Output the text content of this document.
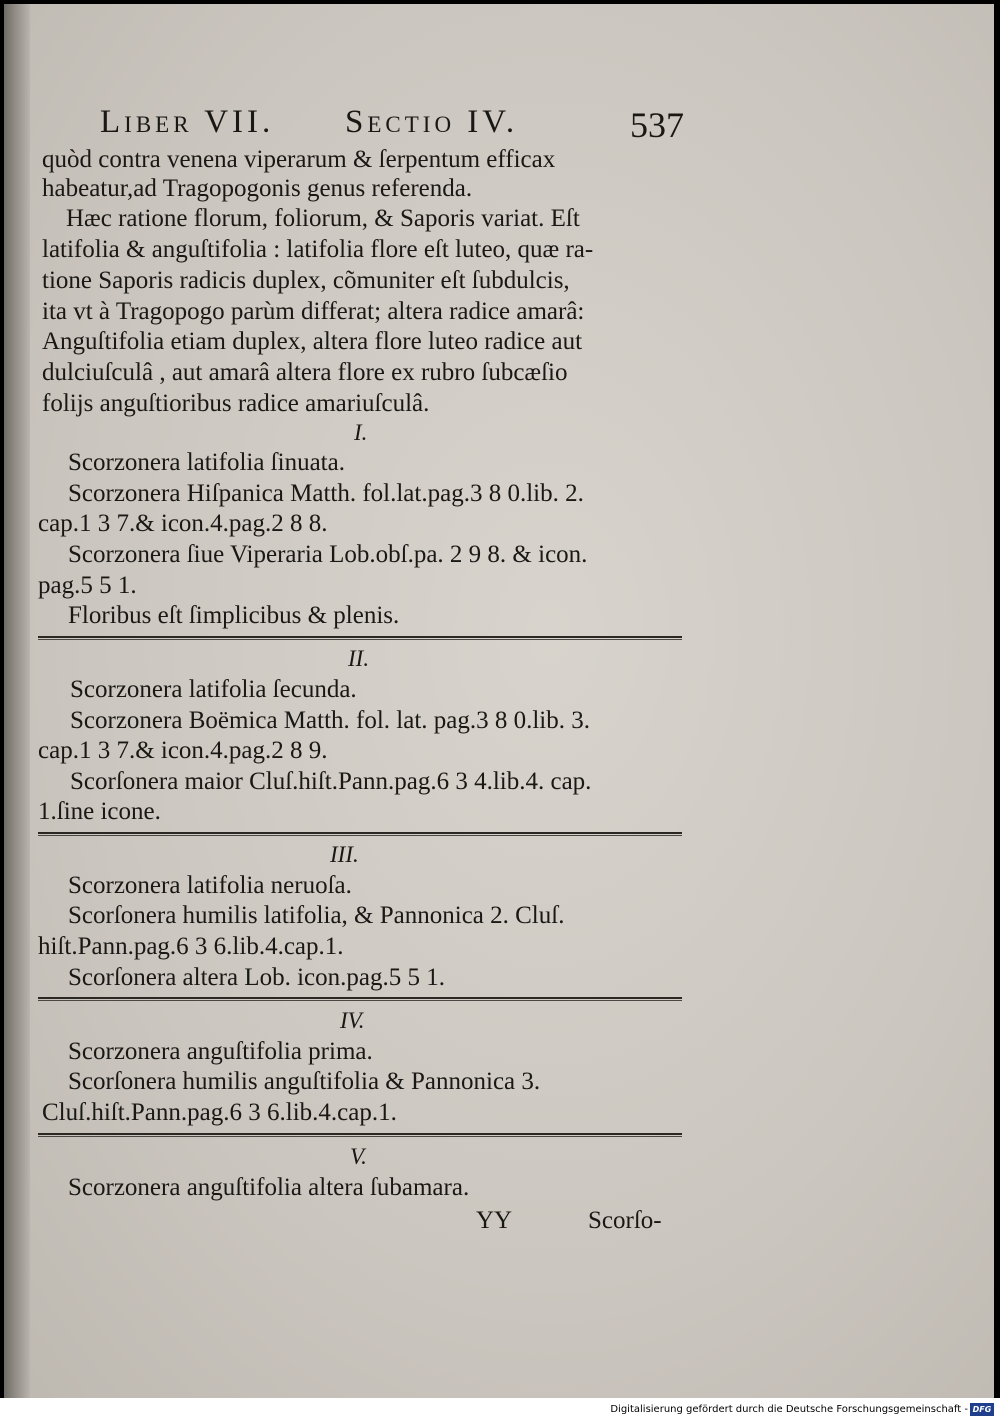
Liber VII. Sectio IV.	537
quòd contra venena viperarum & ſerpentum efficax
habeatur,ad Tragopogonis genus referenda.
Hæc ratione florum, foliorum, & Saporis variat. Eſt
latifolia & anguſtifolia : latifolia flore eſt luteo, quæ ra-
tione Saporis radicis duplex, cõmuniter eſt ſubdulcis,
ita vt à Tragopogo parùm differat; altera radice amarâ:
Anguſtifolia etiam duplex, altera flore luteo radice aut
dulciuſculâ , aut amarâ altera flore ex rubro ſubcæſio
folijs anguſtioribus radice amariuſculâ.
I.
Scorzonera latifolia ſinuata.
Scorzonera Hiſpanica Matth. fol.lat.pag.3 8 0.lib. 2.
cap.1 3 7.& icon.4.pag.2 8 8.
Scorzonera ſiue Viperaria Lob.obſ.pa. 2 9 8. & icon.
pag.5 5 1.
Floribus eſt ſimplicibus & plenis.
II.
Scorzonera latifolia ſecunda.
Scorzonera Boëmica Matth. fol. lat. pag.3 8 0.lib. 3.
cap.1 3 7.& icon.4.pag.2 8 9.
Scorſonera maior Cluſ.hiſt.Pann.pag.6 3 4.lib.4. cap.
1.ſine icone.
III.
Scorzonera latifolia neruoſa.
Scorſonera humilis latifolia, & Pannonica 2. Cluſ.
hiſt.Pann.pag.6 3 6.lib.4.cap.1.
Scorſonera altera Lob. icon.pag.5 5 1.
IV.
Scorzonera anguſtifolia prima.
Scorſonera humilis anguſtifolia & Pannonica 3.
Cluſ.hiſt.Pann.pag.6 3 6.lib.4.cap.1.
V.
Scorzonera anguſtifolia altera ſubamara.
YY	Scorſo-
Digitalisierung gefördert durch die Deutsche Forschungsgemeinschaft - DFG
